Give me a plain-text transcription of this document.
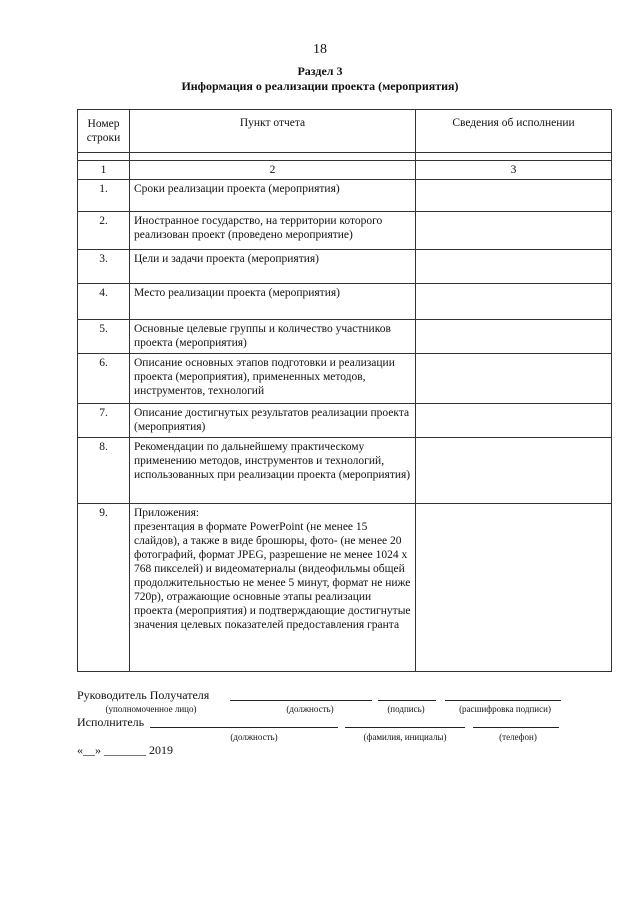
18
Раздел 3
Информация о реализации проекта (мероприятия)
Номер
строки	Пункт отчета	Сведения об исполнении

1	2	3
1.	Сроки реализации проекта (мероприятия)	
2.	Иностранное государство, на территории которого реализован проект (проведено мероприятие)	
3.	Цели и задачи проекта (мероприятия)	
4.	Место реализации проекта (мероприятия)	
5.	Основные целевые группы и количество участников проекта (мероприятия)	
6.	Описание основных этапов подготовки и реализации проекта (мероприятия), примененных методов, инструментов, технологий	
7.	Описание достигнутых результатов реализации проекта (мероприятия)	
8.	Рекомендации по дальнейшему практическому применению методов, инструментов и технологий, использованных при реализации проекта (мероприятия)	
9.	Приложения:
презентация в формате PowerPoint (не менее 15 слайдов), а также в виде брошюры, фото- (не менее 20 фотографий, формат JPEG, разрешение не менее 1024 х 768 пикселей) и видеоматериалы (видеофильмы общей продолжительностью не менее 5 минут, формат не ниже 720р), отражающие основные этапы реализации проекта (мероприятия) и подтверждающие достигнутые значения целевых показателей предоставления гранта	
Руководитель Получателя
(уполномоченное лицо)	(должность)	(подпись)	(расшифровка подписи)
Исполнитель
(должность)	(фамилия, инициалы)	(телефон)
«__» _______ 2019
